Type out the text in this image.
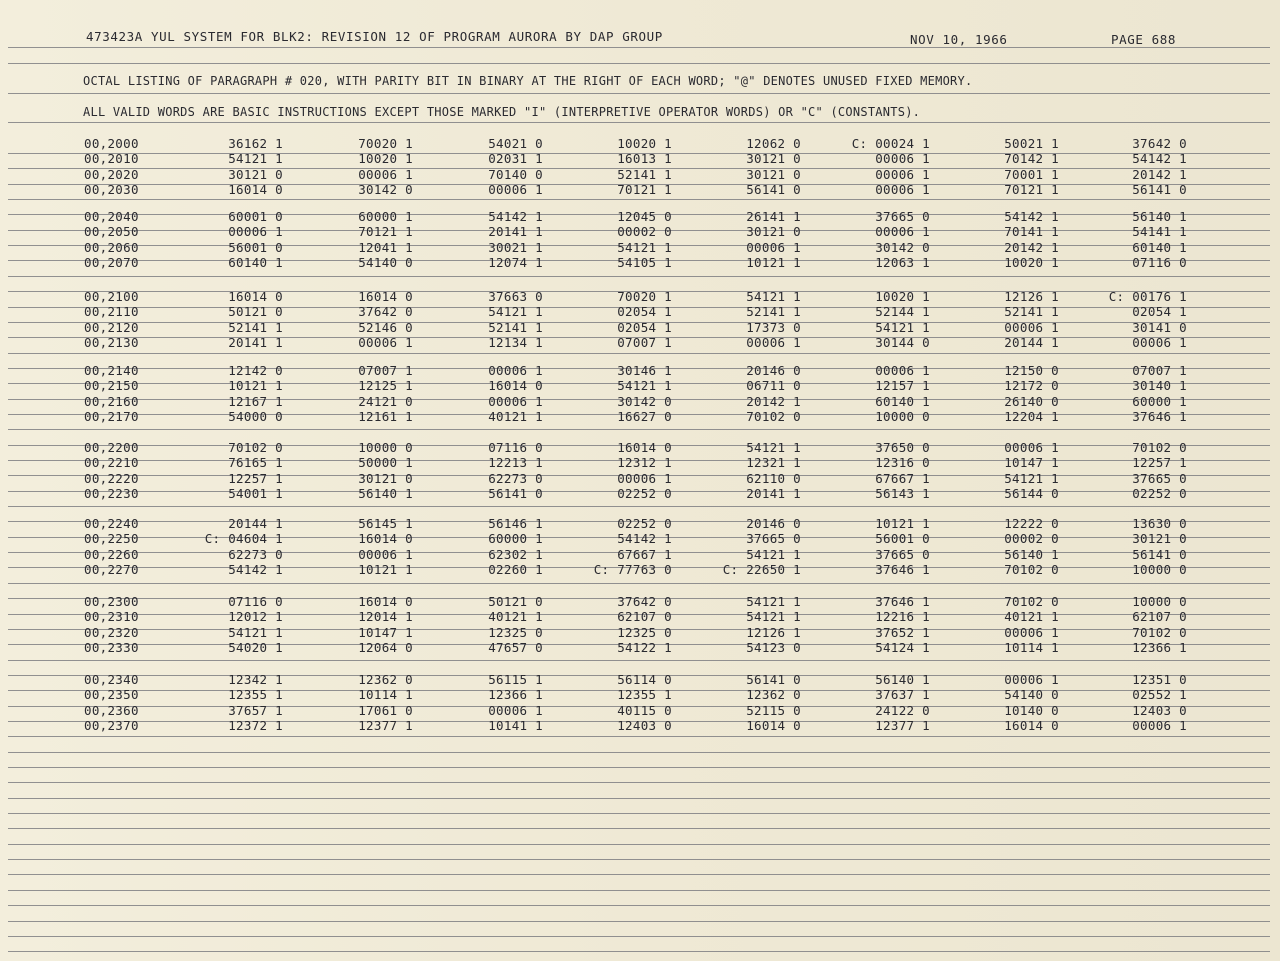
473423A YUL SYSTEM FOR BLK2: REVISION 12 OF PROGRAM AURORA BY DAP GROUP	NOV 10, 1966	PAGE 688
OCTAL LISTING OF PARAGRAPH # 020, WITH PARITY BIT IN BINARY AT THE RIGHT OF EACH WORD; "@" DENOTES UNUSED FIXED MEMORY.
ALL VALID WORDS ARE BASIC INSTRUCTIONS EXCEPT THOSE MARKED "I" (INTERPRETIVE OPERATOR WORDS) OR "C" (CONSTANTS).
00,2000	36162 1	70020 1	54021 0	10020 1	12062 0	C: 00024 1	50021 1	37642 0
00,2010	54121 1	10020 1	02031 1	16013 1	30121 0	00006 1	70142 1	54142 1
00,2020	30121 0	00006 1	70140 0	52141 1	30121 0	00006 1	70001 1	20142 1
00,2030	16014 0	30142 0	00006 1	70121 1	56141 0	00006 1	70121 1	56141 0
00,2040	60001 0	60000 1	54142 1	12045 0	26141 1	37665 0	54142 1	56140 1
00,2050	00006 1	70121 1	20141 1	00002 0	30121 0	00006 1	70141 1	54141 1
00,2060	56001 0	12041 1	30021 1	54121 1	00006 1	30142 0	20142 1	60140 1
00,2070	60140 1	54140 0	12074 1	54105 1	10121 1	12063 1	10020 1	07116 0
00,2100	16014 0	16014 0	37663 0	70020 1	54121 1	10020 1	12126 1	C: 00176 1
00,2110	50121 0	37642 0	54121 1	02054 1	52141 1	52144 1	52141 1	02054 1
00,2120	52141 1	52146 0	52141 1	02054 1	17373 0	54121 1	00006 1	30141 0
00,2130	20141 1	00006 1	12134 1	07007 1	00006 1	30144 0	20144 1	00006 1
00,2140	12142 0	07007 1	00006 1	30146 1	20146 0	00006 1	12150 0	07007 1
00,2150	10121 1	12125 1	16014 0	54121 1	06711 0	12157 1	12172 0	30140 1
00,2160	12167 1	24121 0	00006 1	30142 0	20142 1	60140 1	26140 0	60000 1
00,2170	54000 0	12161 1	40121 1	16627 0	70102 0	10000 0	12204 1	37646 1
00,2200	70102 0	10000 0	07116 0	16014 0	54121 1	37650 0	00006 1	70102 0
00,2210	76165 1	50000 1	12213 1	12312 1	12321 1	12316 0	10147 1	12257 1
00,2220	12257 1	30121 0	62273 0	00006 1	62110 0	67667 1	54121 1	37665 0
00,2230	54001 1	56140 1	56141 0	02252 0	20141 1	56143 1	56144 0	02252 0
00,2240	20144 1	56145 1	56146 1	02252 0	20146 0	10121 1	12222 0	13630 0
00,2250	C: 04604 1	16014 0	60000 1	54142 1	37665 0	56001 0	00002 0	30121 0
00,2260	62273 0	00006 1	62302 1	67667 1	54121 1	37665 0	56140 1	56141 0
00,2270	54142 1	10121 1	02260 1	C: 77763 0	C: 22650 1	37646 1	70102 0	10000 0
00,2300	07116 0	16014 0	50121 0	37642 0	54121 1	37646 1	70102 0	10000 0
00,2310	12012 1	12014 1	40121 1	62107 0	54121 1	12216 1	40121 1	62107 0
00,2320	54121 1	10147 1	12325 0	12325 0	12126 1	37652 1	00006 1	70102 0
00,2330	54020 1	12064 0	47657 0	54122 1	54123 0	54124 1	10114 1	12366 1
00,2340	12342 1	12362 0	56115 1	56114 0	56141 0	56140 1	00006 1	12351 0
00,2350	12355 1	10114 1	12366 1	12355 1	12362 0	37637 1	54140 0	02552 1
00,2360	37657 1	17061 0	00006 1	40115 0	52115 0	24122 0	10140 0	12403 0
00,2370	12372 1	12377 1	10141 1	12403 0	16014 0	12377 1	16014 0	00006 1
